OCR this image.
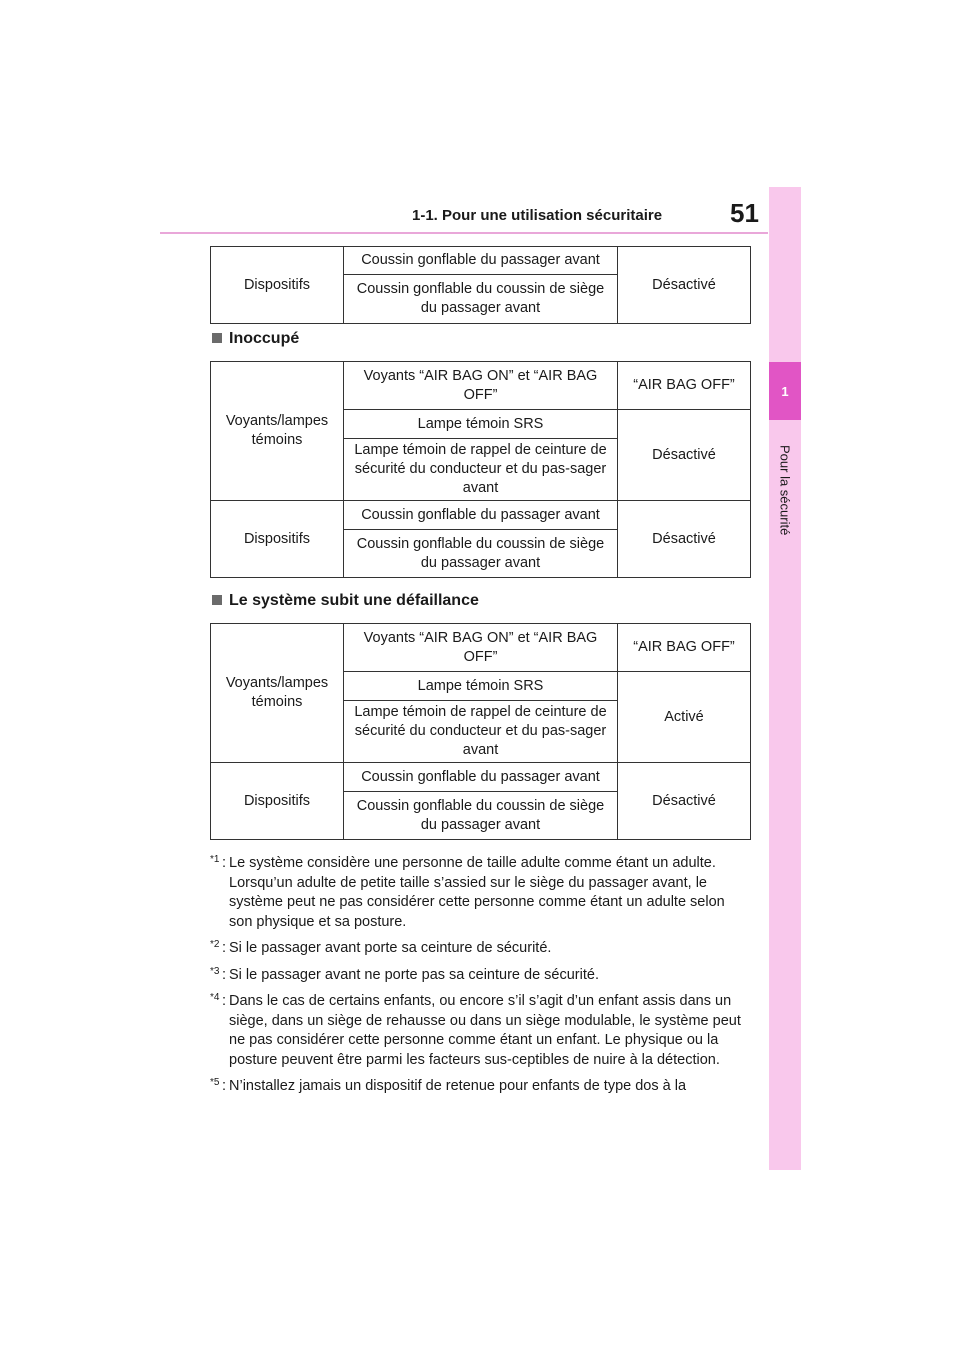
1-1. Pour une utilisation sécuritaire	51
1
Pour la sécurité
Dispositifs	Coussin gonflable du passager avant	Désactivé
Coussin gonflable du coussin de siège du passager avant
Inoccupé
Voyants/lampes témoins	Voyants “AIR BAG ON” et “AIR BAG OFF”	“AIR BAG OFF”
	Lampe témoin SRS	Désactivé
	Lampe témoin de rappel de ceinture de sécurité du conducteur et du pas-sager avant	
Dispositifs	Coussin gonflable du passager avant	Désactivé
	Coussin gonflable du coussin de siège du passager avant	
Le système subit une défaillance
Voyants/lampes témoins	Voyants “AIR BAG ON” et “AIR BAG OFF”	“AIR BAG OFF”
	Lampe témoin SRS	Activé
	Lampe témoin de rappel de ceinture de sécurité du conducteur et du pas-sager avant	
Dispositifs	Coussin gonflable du passager avant	Désactivé
	Coussin gonflable du coussin de siège du passager avant	
*1 : Le système considère une personne de taille adulte comme étant un adulte. Lorsqu’un adulte de petite taille s’assied sur le siège du passager avant, le système peut ne pas considérer cette personne comme étant un adulte selon son physique et sa posture.
*2 : Si le passager avant porte sa ceinture de sécurité.
*3 : Si le passager avant ne porte pas sa ceinture de sécurité.
*4 : Dans le cas de certains enfants, ou encore s’il s’agit d’un enfant assis dans un siège, dans un siège de rehausse ou dans un siège modulable, le système peut ne pas considérer cette personne comme étant un enfant. Le physique ou la posture peuvent être parmi les facteurs sus-ceptibles de nuire à la détection.
*5 : N’installez jamais un dispositif de retenue pour enfants de type dos à la
